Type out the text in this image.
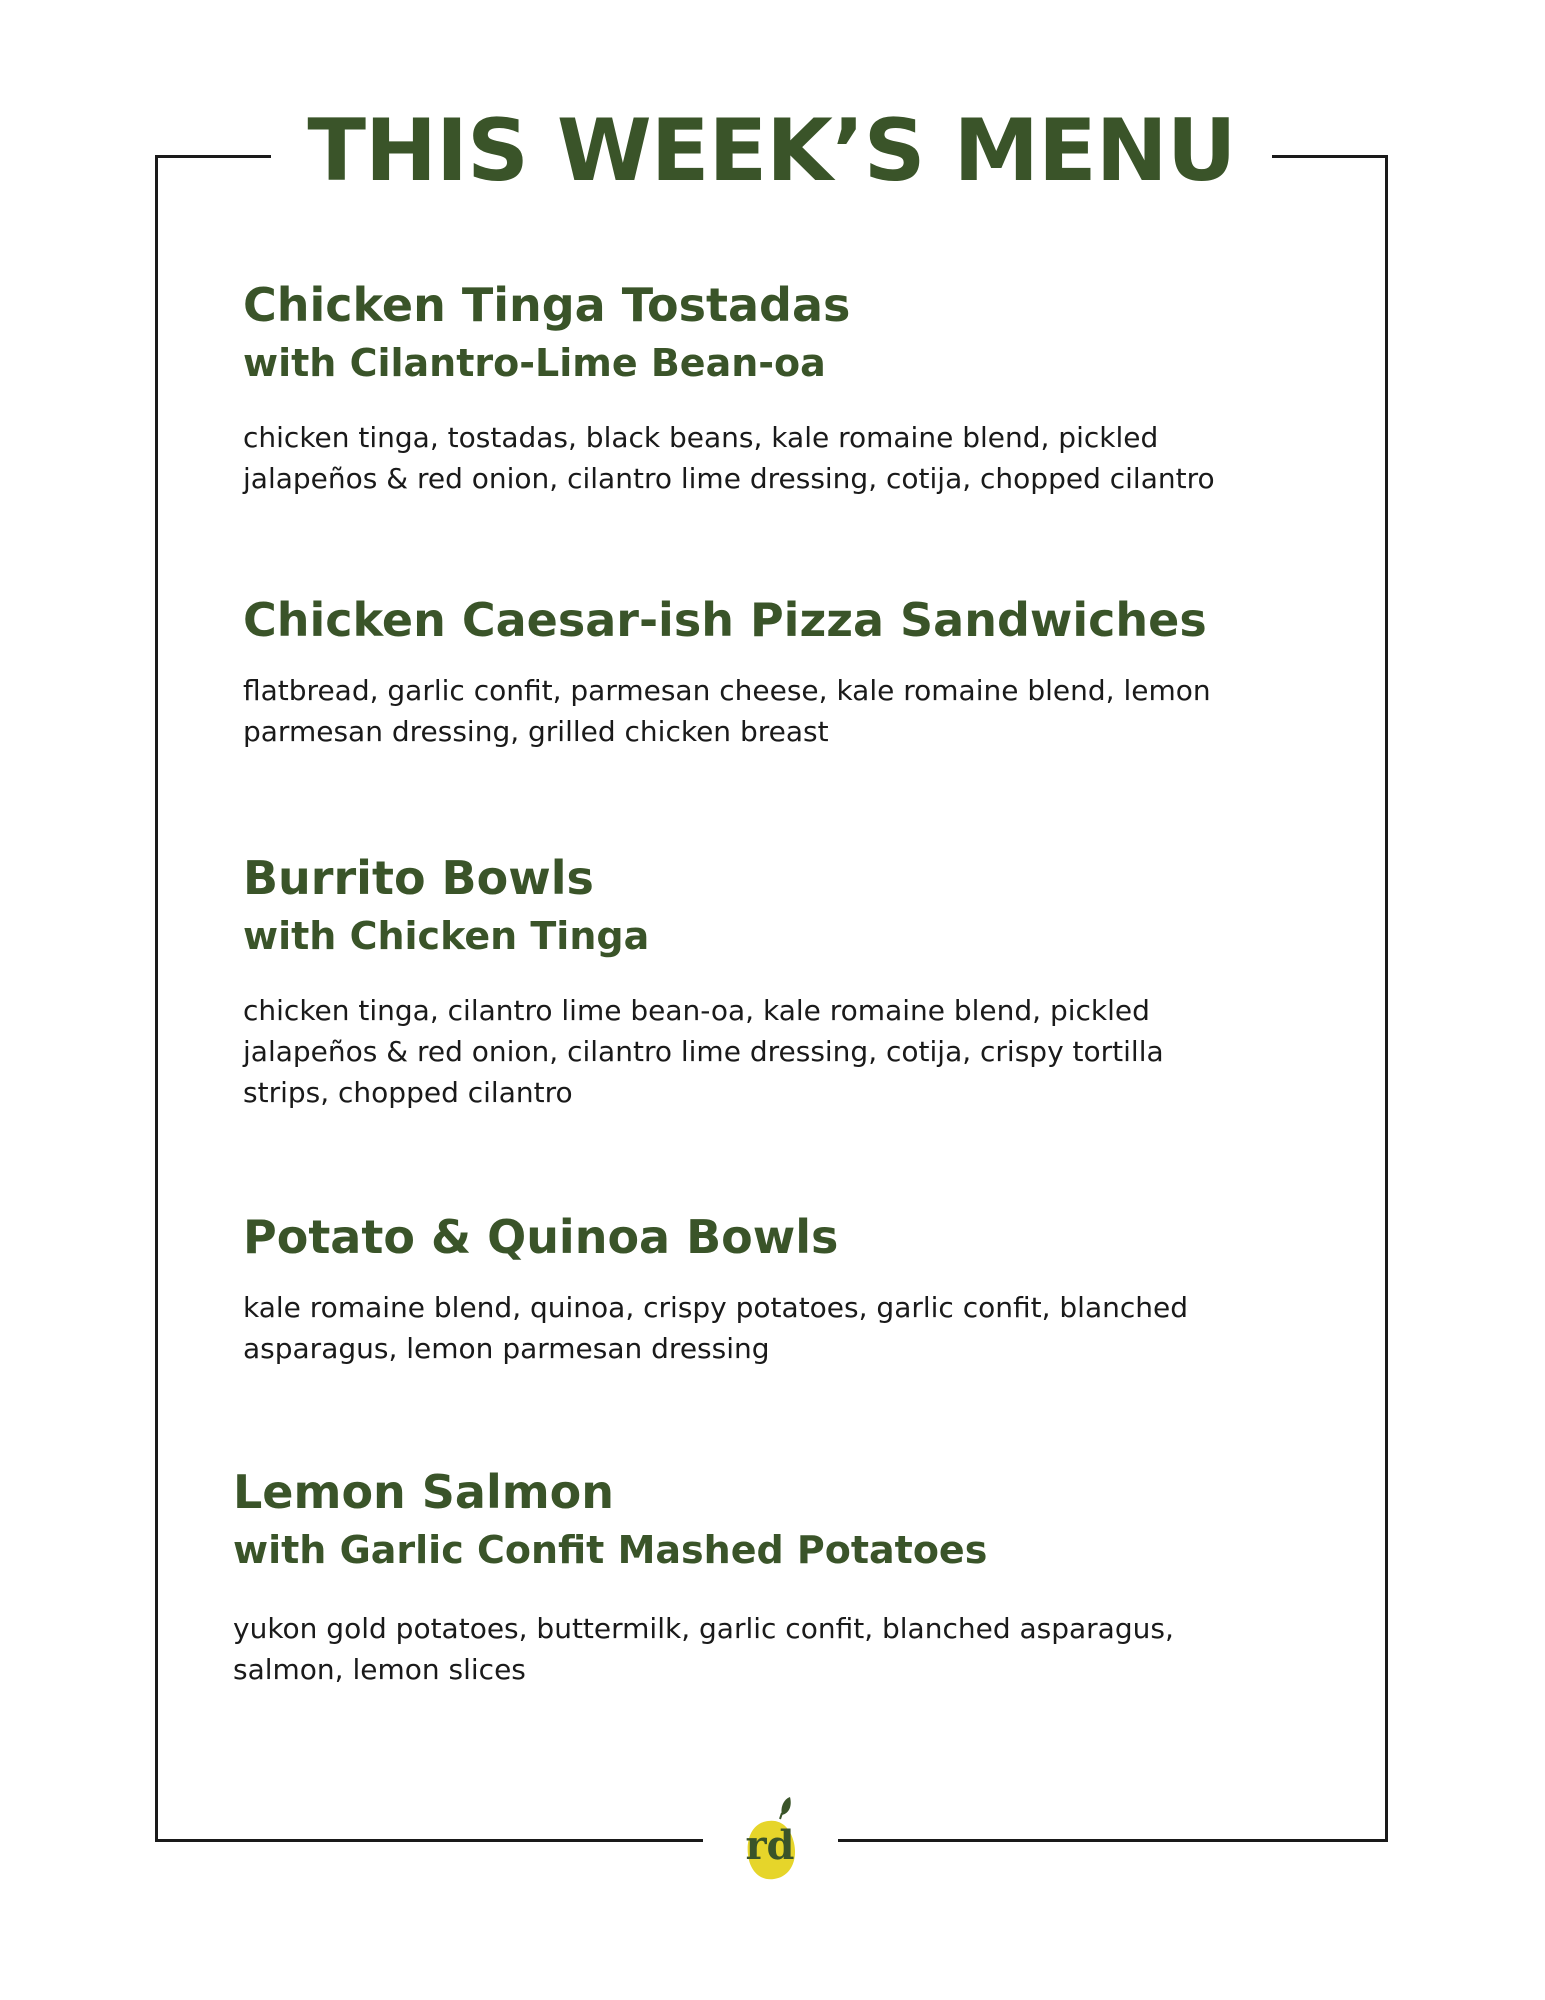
THIS WEEK’S MENU

Chicken Tinga Tostadas

with Cilantro-Lime Bean-oa

chicken tinga, tostadas, black beans, kale romaine blend, pickled
jalapeños & red onion, cilantro lime dressing, cotija, chopped cilantro

Chicken Caesar-ish Pizza Sandwiches

flatbread, garlic confit, parmesan cheese, kale romaine blend, lemon
parmesan dressing, grilled chicken breast

Burrito Bowls

with Chicken Tinga

chicken tinga, cilantro lime bean-oa, kale romaine blend, pickled
jalapeños & red onion, cilantro lime dressing, cotija, crispy tortilla
strips, chopped cilantro

Potato & Quinoa Bowls

kale romaine blend, quinoa, crispy potatoes, garlic confit, blanched
asparagus, lemon parmesan dressing

Lemon Salmon

with Garlic Confit Mashed Potatoes

yukon gold potatoes, buttermilk, garlic confit, blanched asparagus,
salmon, lemon slices

rd
